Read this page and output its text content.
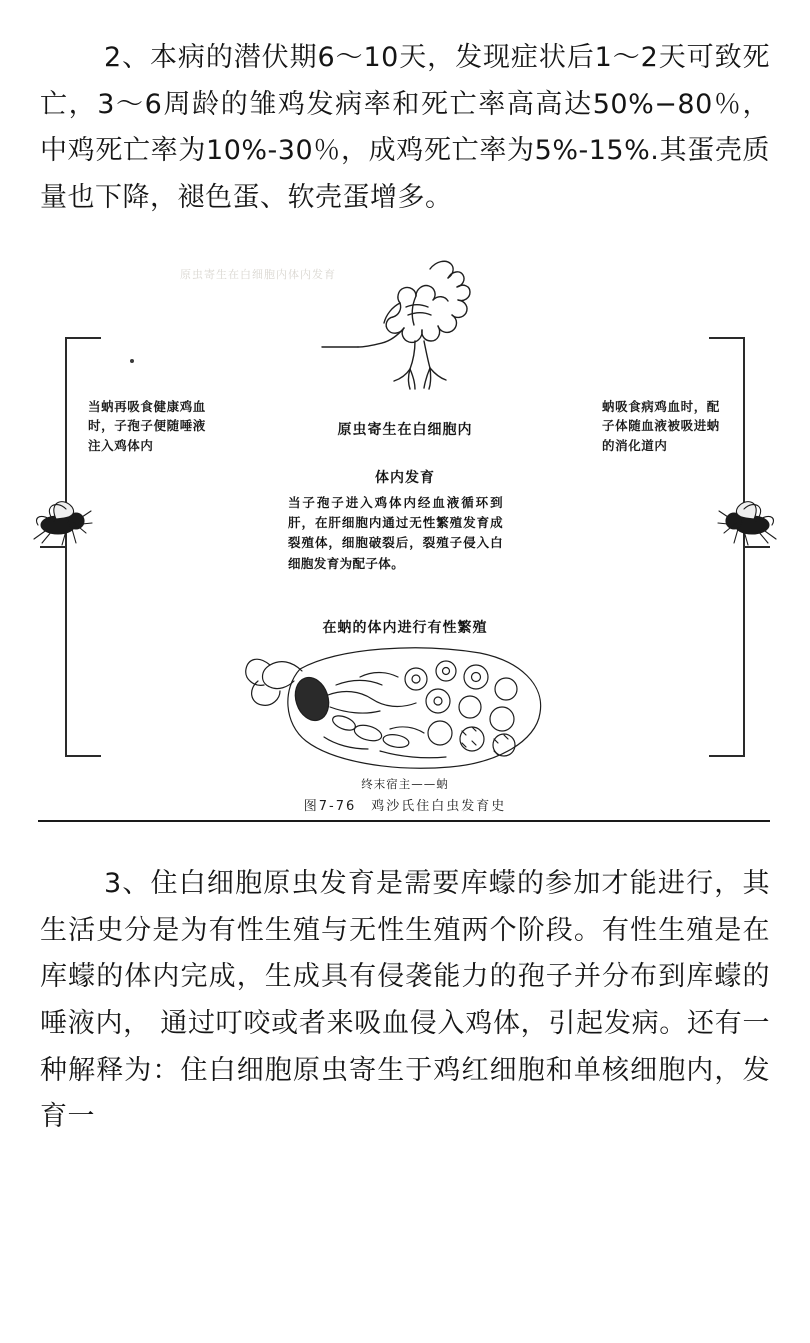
2、本病的潜伏期6～10天，发现症状后1～2天可致死亡，3～6周龄的雏鸡发病率和死亡率高高达50%−80％，中鸡死亡率为10%-30％，成鸡死亡率为5%-15%.其蛋壳质量也下降，褪色蛋、软壳蛋增多。

原虫寄生在白细胞内体内发育
当蚋再吸食健康鸡血时，子孢子便随唾液注入鸡体内
蚋吸食病鸡血时，配子体随血液被吸进蚋的消化道内
原虫寄生在白细胞内
体内发育
当子孢子进入鸡体内经血液循环到肝，在肝细胞内通过无性繁殖发育成裂殖体，细胞破裂后，裂殖子侵入白细胞发育为配子体。
在蚋的体内进行有性繁殖
终末宿主——蚋
图7-76　鸡沙氏住白虫发育史

3、住白细胞原虫发育是需要库蠓的参加才能进行，其生活史分是为有性生殖与无性生殖两个阶段。有性生殖是在库蠓的体内完成，生成具有侵袭能力的孢子并分布到库蠓的唾液内， 通过叮咬或者来吸血侵入鸡体，引起发病。还有一种解释为：住白细胞原虫寄生于鸡红细胞和单核细胞内，发育一
